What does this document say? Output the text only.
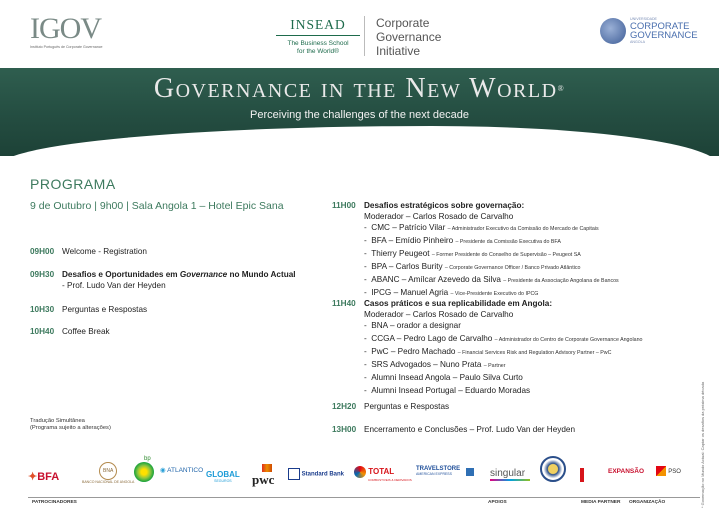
IGOV
Instituto Português de Corporate Governance
INSEAD
The Business School
for the World®
Corporate
Governance
Initiative
UNIVERSIDADE
CORPORATE
GOVERNANCE
ANGOLA
Governance in the New World®
Perceiving the challenges of the next decade
PROGRAMA
9 de Outubro | 9h00 | Sala Angola 1 – Hotel Epic Sana
09H00 Welcome - Registration
09H30 Desafios e Oportunidades em Governance no Mundo Actual
- Prof. Ludo Van der Heyden
10H30 Perguntas e Respostas
10H40 Coffee Break
Tradução Simultânea
(Programa sujeito a alterações)
11H00 Desafios estratégicos sobre governação:
Moderador – Carlos Rosado de Carvalho
-  CMC – Patrício Vilar – Administrador Executivo da Comissão do Mercado de Capitais
-  BFA – Emídio Pinheiro – Presidente da Comissão Executiva do BFA
-  Thierry Peugeot – Former Presidente do Conselho de Supervisão – Peugeot SA
-  BPA – Carlos Burity – Corporate Governance Officer / Banco Privado Atlântico
-  ABANC – Amílcar Azevedo da Silva – Presidente da Associação Angolana de Bancos
-  IPCG – Manuel Agria – Vice-Presidente Executivo do IPCG
11H40 Casos práticos e sua replicabilidade em Angola:
Moderador – Carlos Rosado de Carvalho
-  BNA – orador a designar
-  CCGA – Pedro Lago de Carvalho – Administrador do Centro de Corporate Governance Angolano
-  PwC – Pedro Machado – Financial Services Risk and Regulation Advisory Partner – PwC
-  SRS Advogados – Nuno Prata – Partner
-  Alumni Insead Angola – Paulo Silva Curto
-  Alumni Insead Portugal – Eduardo Moradas
12H20 Perguntas e Respostas
13H00 Encerramento e Conclusões – Prof. Ludo Van der Heyden
✦BFA	BNA
BANCO NACIONAL DE ANGOLA
bp
◉ ATLANTICO GLOBAL
SEGUROS	pwc	Standard Bank	TOTAL
COMBUSTIVEIS & DERIVADOS
TRAVELSTORE
AMERICAN EXPRESS	singular	EXPANSÃO	PSO
PATROCINADORES	APOIOS	MEDIA PARTNER ORGANIZAÇÃO	* Governação no Mundo Actual: Captar os desafios da próxima década
